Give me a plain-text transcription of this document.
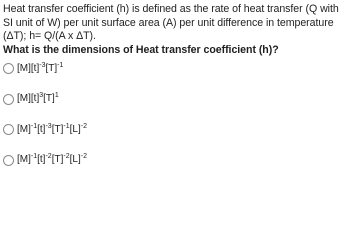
Heat transfer coefficient (h) is defined as the rate of heat transfer (Q with SI unit of W) per unit surface area (A) per unit difference in temperature (ΔT); h= Q/(A x ΔT).

What is the dimensions of Heat transfer coefficient (h)?

$[M][t]^{-3}[T]^{-1}$
$[M][t]^3[T]^1$
$[M]^{-1}[t]^{-3}[T]^{-1}[L]^{-2}$
$[M]^{-1}[t]^{-2}[T]^{-2}[L]^{-2}$
